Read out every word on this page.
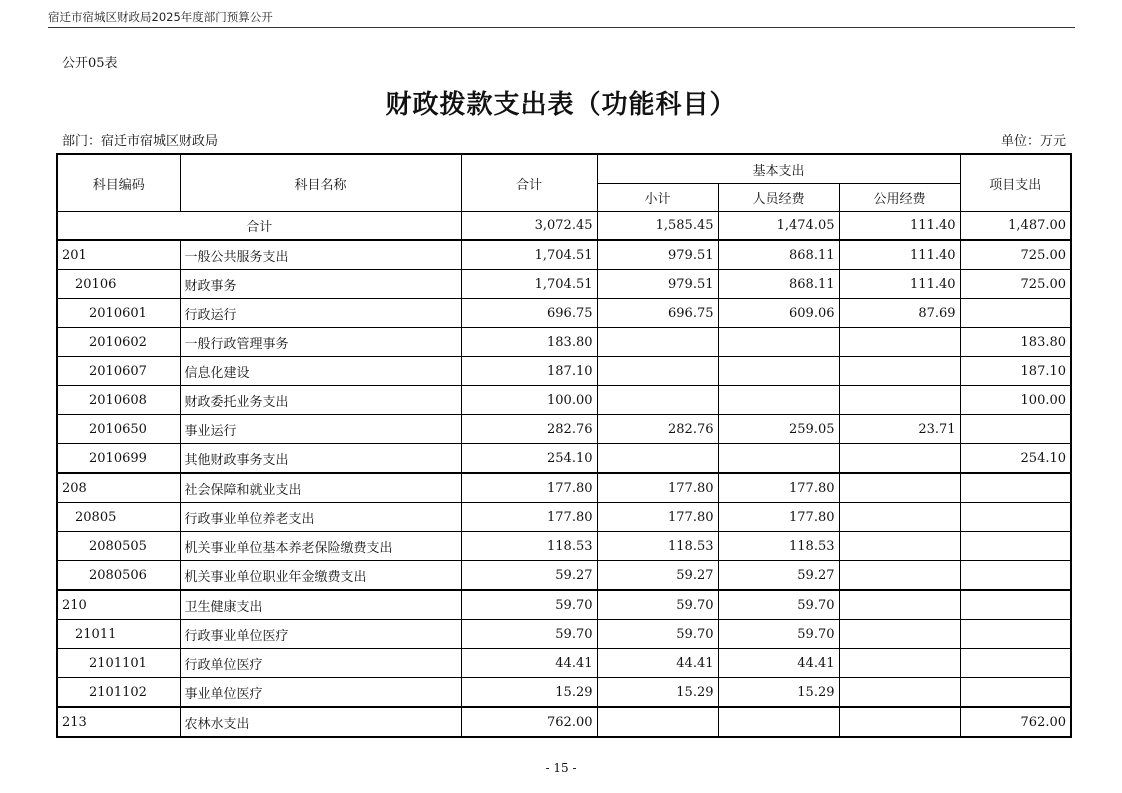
宿迁市宿城区财政局2025年度部门预算公开
公开05表
财政拨款支出表（功能科目）
部门：宿迁市宿城区财政局	单位：万元
科目编码	科目名称	合计	基本支出			项目支出
			小计	人员经费	公用经费	
合计		3,072.45	1,585.45	1,474.05	111.40	1,487.00
201	一般公共服务支出	1,704.51	979.51	868.11	111.40	725.00
20106	财政事务	1,704.51	979.51	868.11	111.40	725.00
2010601	行政运行	696.75	696.75	609.06	87.69	
2010602	一般行政管理事务	183.80				183.80
2010607	信息化建设	187.10				187.10
2010608	财政委托业务支出	100.00				100.00
2010650	事业运行	282.76	282.76	259.05	23.71	
2010699	其他财政事务支出	254.10				254.10
208	社会保障和就业支出	177.80	177.80	177.80		
20805	行政事业单位养老支出	177.80	177.80	177.80		
2080505	机关事业单位基本养老保险缴费支出	118.53	118.53	118.53		
2080506	机关事业单位职业年金缴费支出	59.27	59.27	59.27		
210	卫生健康支出	59.70	59.70	59.70		
21011	行政事业单位医疗	59.70	59.70	59.70		
2101101	行政单位医疗	44.41	44.41	44.41		
2101102	事业单位医疗	15.29	15.29	15.29		
213	农林水支出	762.00				762.00
- 15 -
